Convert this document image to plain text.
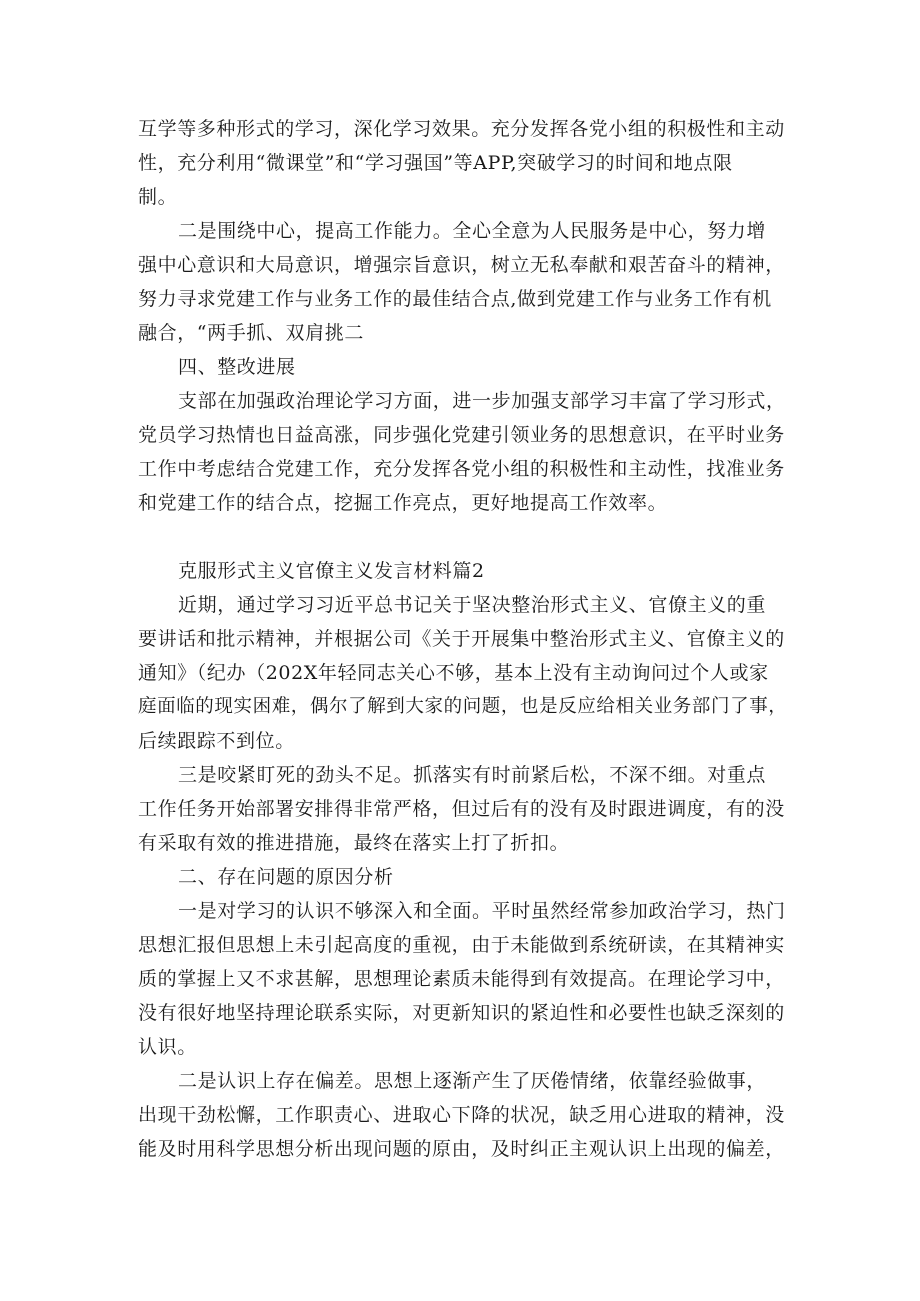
互学等多种形式的学习，深化学习效果。充分发挥各党小组的积极性和主动
性，充分利用“微课堂”和“学习强国”等APP,突破学习的时间和地点限
制。
二是围绕中心，提高工作能力。全心全意为人民服务是中心，努力增
强中心意识和大局意识，增强宗旨意识，树立无私奉献和艰苦奋斗的精神，
努力寻求党建工作与业务工作的最佳结合点,做到党建工作与业务工作有机
融合，“两手抓、双肩挑二
四、整改进展
支部在加强政治理论学习方面，进一步加强支部学习丰富了学习形式，
党员学习热情也日益高涨，同步强化党建引领业务的思想意识，在平时业务
工作中考虑结合党建工作，充分发挥各党小组的积极性和主动性，找准业务
和党建工作的结合点，挖掘工作亮点，更好地提高工作效率。
克服形式主义官僚主义发言材料篇2
近期，通过学习习近平总书记关于坚决整治形式主义、官僚主义的重
要讲话和批示精神，并根据公司《关于开展集中整治形式主义、官僚主义的
通知》（纪办（202X年轻同志关心不够，基本上没有主动询问过个人或家
庭面临的现实困难，偶尔了解到大家的问题，也是反应给相关业务部门了事，
后续跟踪不到位。
三是咬紧盯死的劲头不足。抓落实有时前紧后松，不深不细。对重点
工作任务开始部署安排得非常严格，但过后有的没有及时跟进调度，有的没
有采取有效的推进措施，最终在落实上打了折扣。
二、存在问题的原因分析
一是对学习的认识不够深入和全面。平时虽然经常参加政治学习，热门
思想汇报但思想上未引起高度的重视，由于未能做到系统研读，在其精神实
质的掌握上又不求甚解，思想理论素质未能得到有效提高。在理论学习中，
没有很好地坚持理论联系实际，对更新知识的紧迫性和必要性也缺乏深刻的
认识。
二是认识上存在偏差。思想上逐渐产生了厌倦情绪，依靠经验做事，
出现干劲松懈，工作职责心、进取心下降的状况，缺乏用心进取的精神，没
能及时用科学思想分析出现问题的原由，及时纠正主观认识上出现的偏差，
